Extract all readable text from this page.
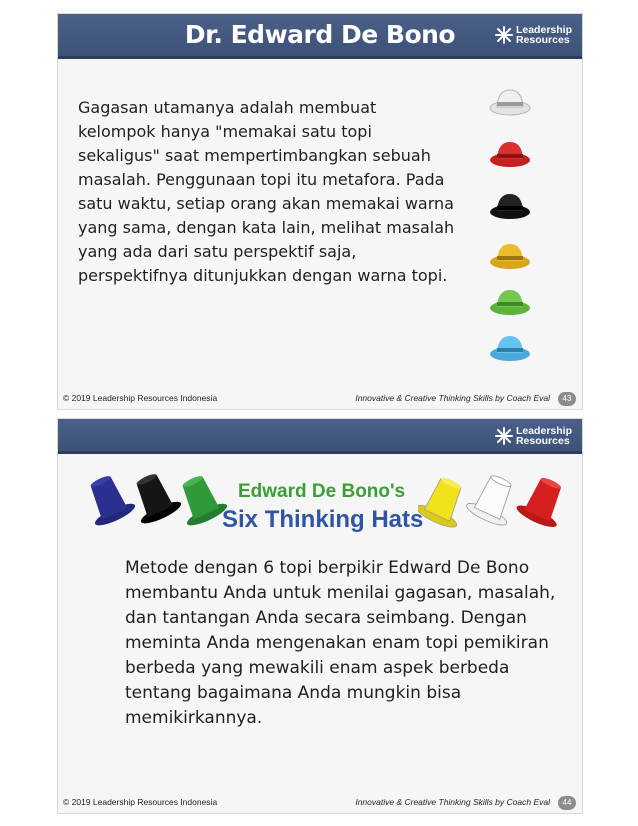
Dr. Edward De Bono	Leadership
Resources
Gagasan utamanya adalah membuat kelompok hanya "memakai satu topi sekaligus" saat mempertimbangkan sebuah masalah. Penggunaan topi itu metafora. Pada satu waktu, setiap orang akan memakai warna yang sama, dengan kata lain, melihat masalah yang ada dari satu perspektif saja, perspektifnya ditunjukkan dengan warna topi.
© 2019 Leadership Resources Indonesia	Innovative & Creative Thinking Skills by Coach Eval	43
Leadership
Resources
Edward De Bono's
Six Thinking Hats
Metode dengan 6 topi berpikir Edward De Bono membantu Anda untuk menilai gagasan, masalah, dan tantangan Anda secara seimbang. Dengan meminta Anda mengenakan enam topi pemikiran berbeda yang mewakili enam aspek berbeda tentang bagaimana Anda mungkin bisa memikirkannya.
© 2019 Leadership Resources Indonesia	Innovative & Creative Thinking Skills by Coach Eval	44
